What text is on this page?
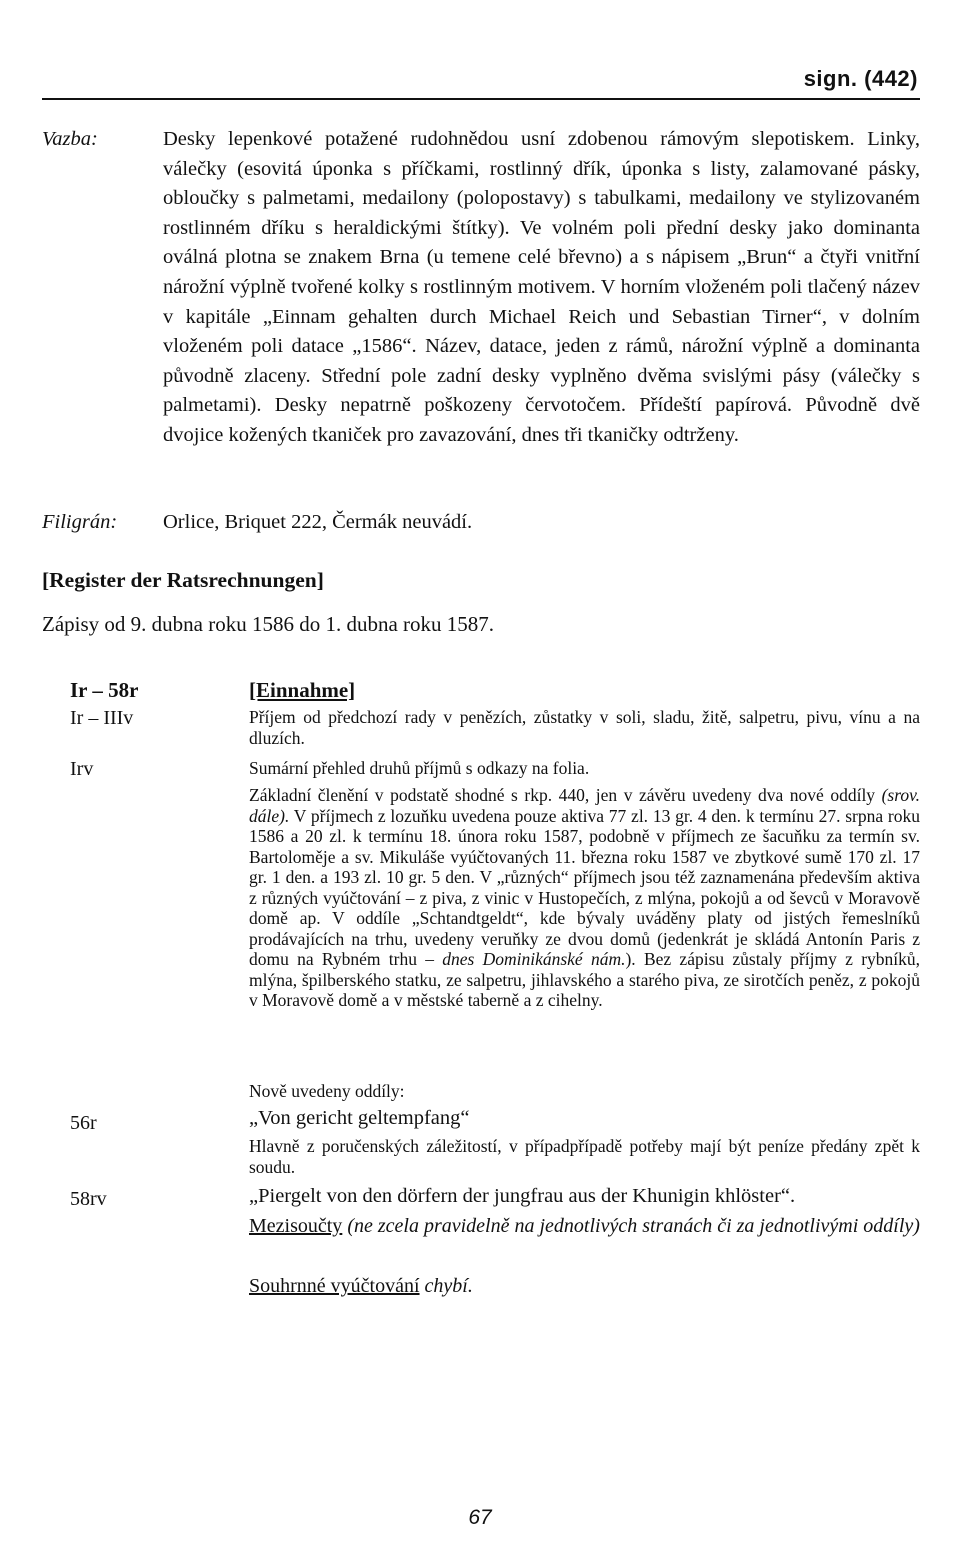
sign. (442)
Vazba:	Desky lepenkové potažené rudohnědou usní zdobenou rámovým slepotiskem. Linky, válečky (esovitá úponka s příčkami, rostlinný dřík, úponka s listy, zalamované pásky, obloučky s palmetami, medailony (polopostavy) s tabulkami, medailony ve stylizovaném rostlinném dříku s heraldickými štítky). Ve volném poli přední desky jako dominanta oválná plotna se znakem Brna (u temene celé břevno) a s nápisem „Brun“ a čtyři vnitřní nárožní výplně tvořené kolky s rostlinným motivem. V horním vloženém poli tlačený název v kapitále „Einnam gehalten durch Michael Reich und Sebastian Tirner“, v dolním vloženém poli datace „1586“. Název, datace, jeden z rámů, nárožní výplně a dominanta původně zlaceny. Střední pole zadní desky vyplněno dvěma svislými pásy (válečky s palmetami). Desky nepatrně poškozeny červotočem. Přídeští papírová. Původně dvě dvojice kožených tkaniček pro zavazování, dnes tři tkaničky odtrženy.
Filigrán: Orlice, Briquet 222, Čermák neuvádí.
[Register der Ratsrechnungen]
Zápisy od 9. dubna roku 1586 do 1. dubna roku 1587.
Ir – 58r
Ir – IIIv
Irv
56r
58rv
[Einnahme]
Příjem od předchozí rady v penězích, zůstatky v soli, sladu, žitě, salpetru, pivu, vínu a na dluzích.
Sumární přehled druhů příjmů s odkazy na folia.
Základní členění v podstatě shodné s rkp. 440, jen v závěru uvedeny dva nové oddíly (srov. dále). V příjmech z lozuňku uvedena pouze aktiva 77 zl. 13 gr. 4 den. k termínu 27. srpna roku 1586 a 20 zl. k termínu 18. února roku 1587, podobně v příjmech ze šacuňku za termín sv. Bartoloměje a sv. Mikuláše vyúčtovaných 11. března roku 1587 ve zbytkové sumě 170 zl. 17 gr. 1 den. a 193 zl. 10 gr. 5 den. V „různých“ příjmech jsou též zaznamenána především aktiva z různých vyúčtování – z piva, z vinic v Hustopečích, z mlýna, pokojů a od ševců v Moravově domě ap. V oddíle „Schtandtgeldt“, kde bývaly uváděny platy od jistých řemeslníků prodávajících na trhu, uvedeny veruňky ze dvou domů (jedenkrát je skládá Antonín Paris z domu na Rybném trhu – dnes Dominikánské nám.). Bez zápisu zůstaly příjmy z rybníků, mlýna, špilberského statku, ze salpetru, jihlavského a starého piva, ze sirotčích peněz, z pokojů v Moravově domě a v městské taberně a z cihelny.
Nově uvedeny oddíly:
„Von gericht geltempfang“
Hlavně z poručenských záležitostí, v případpřípadě potřeby mají být peníze předány zpět k soudu.
„Piergelt von den dörfern der jungfrau aus der Khunigin khlöster“.
Mezisoučty (ne zcela pravidelně na jednotlivých stranách či za jednotlivými oddíly)
Souhrnné vyúčtování chybí.
67
